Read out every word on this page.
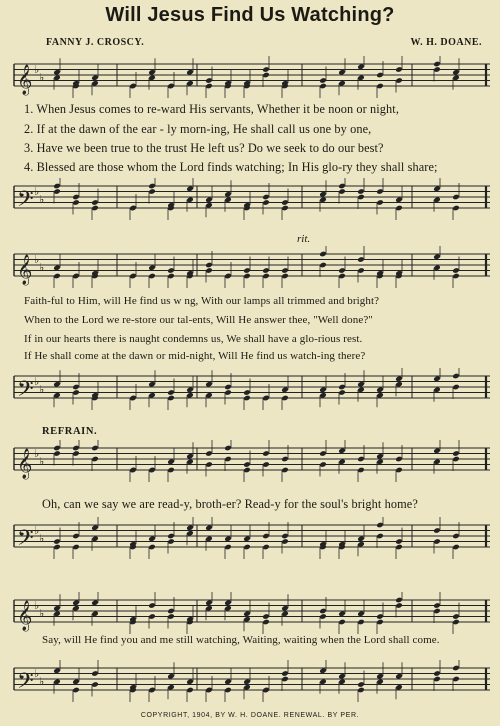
Will Jesus Find Us Watching?
FANNY J. CROSCY.	W. H. DOANE.
𝄞 ♭
♭
1. When Jesus comes to re-ward His servants, Whether it be noon or night,
2. If at the dawn of the ear - ly morn-ing, He shall call us one by one,
3. Have we been true to the trust He left us? Do we seek to do our best?
4. Blessed are those whom the Lord finds watching; In His glo-ry they shall share;
𝄢 ♭
♭
rit.
𝄞 ♭
♭
Faith-ful to Him, will He find us w ng, With our lamps all trimmed and bright?
When to the Lord we re-store our tal-ents, Will He answer thee, "Well done?"
If in our hearts there is naught condemns us, We shall have a glo-rious rest.
If He shall come at the dawn or mid-night, Will He find us watch-ing there?
𝄢 ♭
♭
REFRAIN.
𝄞 ♭
♭
Oh, can we say we are read-y, broth-er? Read-y for the soul's bright home?
𝄢 ♭
♭
𝄞 ♭
♭
Say, will He find you and me still watching, Waiting, waiting when the Lord shall come.
𝄢 ♭
♭
COPYRIGHT, 1904, BY W. H. DOANE. RENEWAL. BY PER.
